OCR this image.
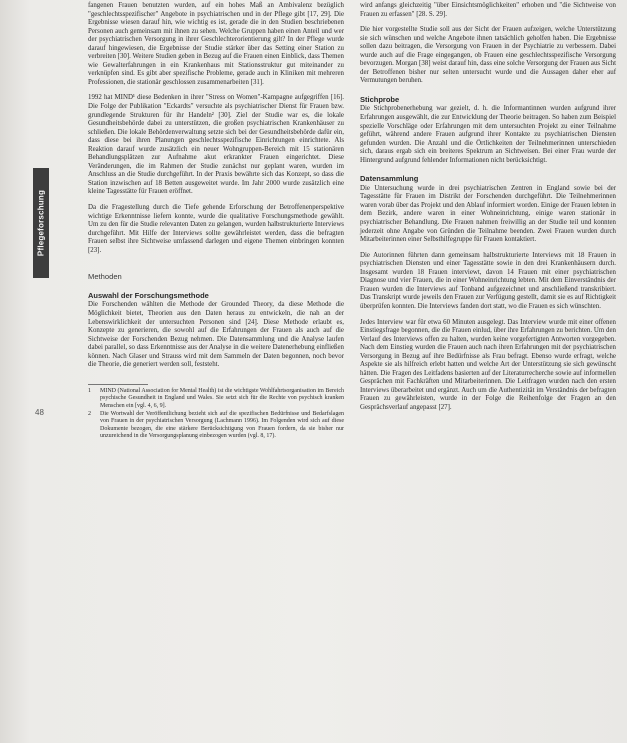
Pflegeforschung
48

fangenen Frauen benutzten wurden, auf ein hohes Maß an Ambivalenz bezüglich "geschlechtsspezifischer" Angebote in psychiatrischen und in der Pflege gibt [17, 29]. Die Ergebnisse wiesen darauf hin, wie wichtig es ist, gerade die in den Studien beschriebenen Personen auch gemeinsam mit ihnen zu sehen. Welche Gruppen haben einen Anteil und wer der psychiatrischen Versorgung in ihrer Geschlechterorientierung gilt? In der Pflege wurde darauf hingewiesen, die Ergebnisse der Studie stärker über das Setting einer Station zu verbreiten [30]. Weitere Studien geben in Bezug auf die Frauen einen Einblick, dass Themen wie Gewalterfahrungen in ein Krankenhaus mit Stationsstruktur gut miteinander zu verknüpfen sind. Es gibt aber spezifische Probleme, gerade auch in Kliniken mit mehreren Professionen, die stationär geschlossen zusammenarbeiten [31].

1992 hat MIND¹ diese Bedenken in ihrer "Stress on Women"-Kampagne aufgegriffen [16]. Die Folge der Publikation "Eckardts" versuchte als psychiatrischer Dienst für Frauen bzw. grundlegende Strukturen für ihr Handeln² [30]. Ziel der Studie war es, die lokale Gesundheitsbehörde dabei zu unterstützen, die großen psychiatrischen Krankenhäuser zu schließen. Die lokale Behördenverwaltung setzte sich bei der Gesundheitsbehörde dafür ein, dass diese bei ihren Planungen geschlechtsspezifische Einrichtungen einrichtete. Als Reaktion darauf wurde zusätzlich ein neuer Wohngruppen-Bereich mit 15 stationären Behandlungsplätzen zur Aufnahme akut erkrankter Frauen eingerichtet. Diese Veränderungen, die im Rahmen der Studie zunächst nur geplant waren, wurden im Anschluss an die Studie durchgeführt. In der Praxis bewährte sich das Konzept, so dass die Station inzwischen auf 18 Betten ausgeweitet wurde. Im Jahr 2000 wurde zusätzlich eine kleine Tagesstätte für Frauen eröffnet.

Da die Fragestellung durch die Tiefe gehende Erforschung der Betroffenenperspektive wichtige Erkenntnisse liefern konnte, wurde die qualitative Forschungsmethode gewählt. Um zu den für die Studie relevanten Daten zu gelangen, wurden halbstrukturierte Interviews durchgeführt. Mit Hilfe der Interviews sollte gewährleistet werden, dass die befragten Frauen selbst ihre Sichtweise umfassend darlegen und eigene Themen einbringen konnten [23].

Methoden
Auswahl der Forschungsmethode

Die Forschenden wählten die Methode der Grounded Theory, da diese Methode die Möglichkeit bietet, Theorien aus den Daten heraus zu entwickeln, die nah an der Lebenswirklichkeit der untersuchten Personen sind [24]. Diese Methode erlaubt es, Konzepte zu generieren, die sowohl auf die Erfahrungen der Frauen als auch auf die Sichtweise der Forschenden Bezug nehmen. Die Datensammlung und die Analyse laufen dabei parallel, so dass Erkenntnisse aus der Analyse in die weitere Datenerhebung einfließen können. Nach Glaser und Strauss wird mit dem Sammeln der Daten begonnen, noch bevor die Theorie, die generiert werden soll, feststeht.

1	MIND (National Association for Mental Health) ist die wichtigste Wohlfahrtsorganisation im Bereich psychische Gesundheit in England und Wales. Sie setzt sich für die Rechte von psychisch kranken Menschen ein [vgl. 4, 6, 9].
2	Die Wortwahl der Veröffentlichung bezieht sich auf die spezifischen Bedürfnisse und Bedarfslagen von Frauen in der psychiatrischen Versorgung (Lachmann 1996). Im Folgenden wird sich auf diese Dokumente bezogen, die eine stärkere Berücksichtigung von Frauen fordern, da sie bisher nur unzureichend in die Versorgungsplanung einbezogen wurden (vgl. 8, 17).

wird anfangs gleichzeitig "über Einsichtsmöglichkeiten" erhoben und "die Sichtweise von Frauen zu erfassen" [28. S. 29].

Die hier vorgestellte Studie soll aus der Sicht der Frauen aufzeigen, welche Unterstützung sie sich wünschen und welche Angebote ihnen tatsächlich geholfen haben. Die Ergebnisse sollen dazu beitragen, die Versorgung von Frauen in der Psychiatrie zu verbessern. Dabei wurde auch auf die Frage eingegangen, ob Frauen eine geschlechtsspezifische Versorgung bevorzugen. Morgan [38] weist darauf hin, dass eine solche Versorgung der Frauen aus Sicht der Betroffenen bisher nur selten untersucht wurde und die Aussagen daher eher auf Vermutungen beruhen.

Stichprobe

Die Stichprobenerhebung war gezielt, d. h. die Informantinnen wurden aufgrund ihrer Erfahrungen ausgewählt, die zur Entwicklung der Theorie beitragen. So haben zum Beispiel spezielle Vorschläge oder Erfahrungen mit dem untersuchten Projekt zu einer Teilnahme geführt, während andere Frauen aufgrund ihrer Kontakte zu psychiatrischen Diensten gefunden wurden. Die Anzahl und die Örtlichkeiten der Teilnehmerinnen unterschieden sich, daraus ergab sich ein breiteres Spektrum an Sichtweisen. Bei einer Frau wurde der Hintergrund aufgrund fehlender Informationen nicht berücksichtigt.

Datensammlung

Die Untersuchung wurde in drei psychiatrischen Zentren in England sowie bei der Tagesstätte für Frauen im Distrikt der Forschenden durchgeführt. Die Teilnehmerinnen waren vorab über das Projekt und den Ablauf informiert worden. Einige der Frauen lebten in dem Bezirk, andere waren in einer Wohneinrichtung, einige waren stationär in psychiatrischer Behandlung. Die Frauen nahmen freiwillig an der Studie teil und konnten jederzeit ohne Angabe von Gründen die Teilnahme beenden. Zwei Frauen wurden durch Mitarbeiterinnen einer Selbsthilfegruppe für Frauen kontaktiert.

Die Autorinnen führten dann gemeinsam halbstrukturierte Interviews mit 18 Frauen in psychiatrischen Diensten und einer Tagesstätte sowie in den drei Krankenhäusern durch. Insgesamt wurden 18 Frauen interviewt, davon 14 Frauen mit einer psychiatrischen Diagnose und vier Frauen, die in einer Wohneinrichtung lebten. Mit dem Einverständnis der Frauen wurden die Interviews auf Tonband aufgezeichnet und anschließend transkribiert. Das Transkript wurde jeweils den Frauen zur Verfügung gestellt, damit sie es auf Richtigkeit überprüfen konnten. Die Interviews fanden dort statt, wo die Frauen es sich wünschten.

Jedes Interview war für etwa 60 Minuten ausgelegt. Das Interview wurde mit einer offenen Einstiegsfrage begonnen, die die Frauen einlud, über ihre Erfahrungen zu berichten. Um den Verlauf des Interviews offen zu halten, wurden keine vorgefertigten Antworten vorgegeben. Nach dem Einstieg wurden die Frauen auch nach ihren Erfahrungen mit der psychiatrischen Versorgung in Bezug auf ihre Bedürfnisse als Frau befragt. Ebenso wurde erfragt, welche Aspekte sie als hilfreich erlebt hatten und welche Art der Unterstützung sie sich gewünscht hätten. Die Fragen des Leitfadens basierten auf der Literaturrecherche sowie auf informellen Gesprächen mit Fachkräften und Mitarbeiterinnen. Die Leitfragen wurden nach den ersten Interviews überarbeitet und ergänzt. Auch um die Authentizität im Verständnis der befragten Frauen zu gewährleisten, wurde in der Folge die Reihenfolge der Fragen an den Gesprächsverlauf angepasst [27].
